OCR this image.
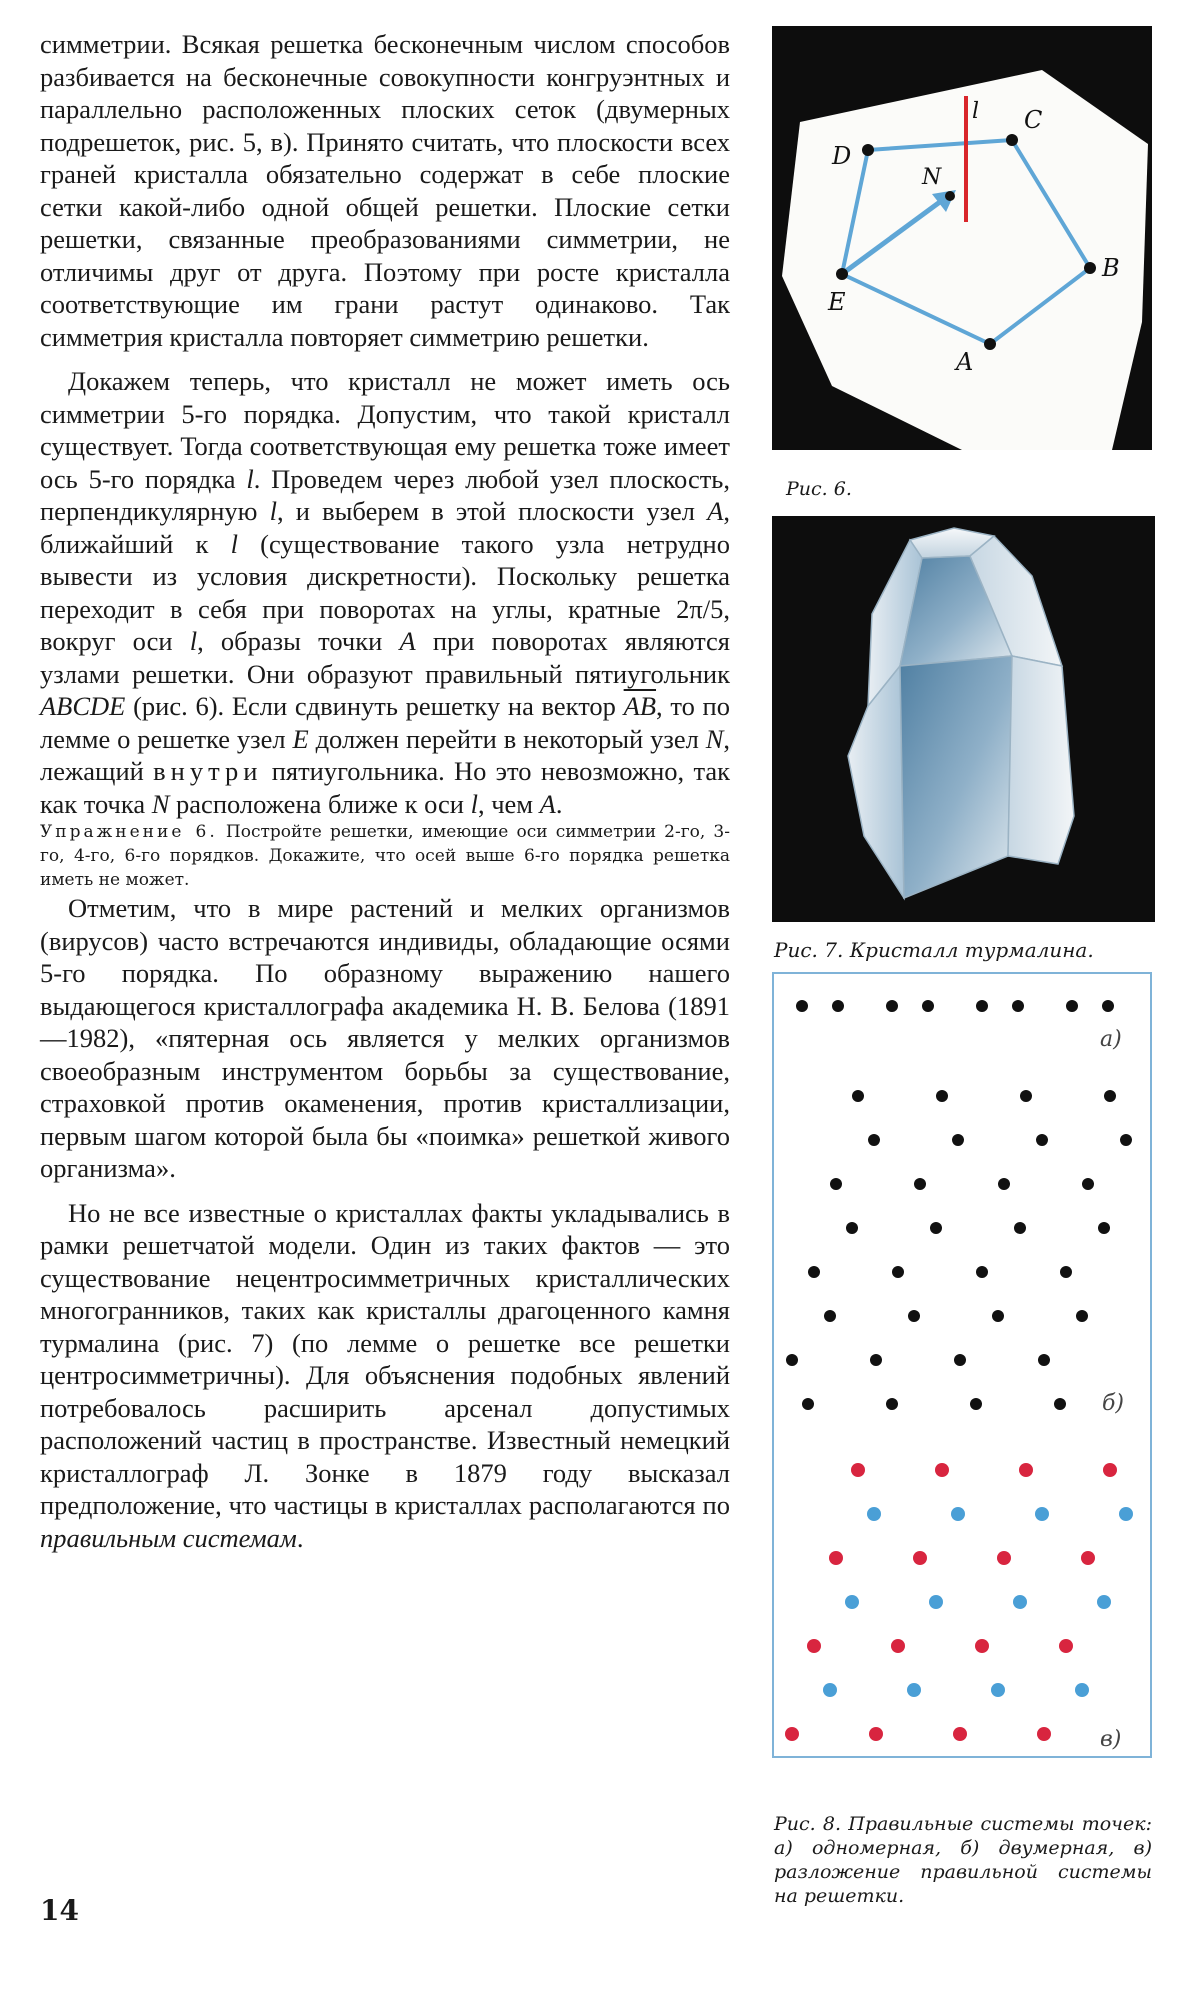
симметрии. Всякая решетка бесконечным числом способов разбивается на бесконечные совокупности конгруэнтных и параллельно расположенных плоских сеток (двумерных подрешеток, рис. 5, в). Принято считать, что плоскости всех граней кристалла обязательно содержат в себе плоские сетки какой-либо одной общей решетки. Плоские сетки решетки, связанные преобразованиями симметрии, не отличимы друг от друга. Поэтому при росте кристалла соответствующие им грани растут одинаково. Так симметрия кристалла повторяет симметрию решетки.

Докажем теперь, что кристалл не может иметь ось симметрии 5-го порядка. Допустим, что такой кристалл существует. Тогда соответствующая ему решетка тоже имеет ось 5-го порядка l. Проведем через любой узел плоскость, перпендикулярную l, и выберем в этой плоскости узел A, ближайший к l (существование такого узла нетрудно вывести из условия дискретности). Поскольку решетка переходит в себя при поворотах на углы, кратные 2π/5, вокруг оси l, образы точки A при поворотах являются узлами решетки. Они образуют правильный пятиугольник ABCDE (рис. 6). Если сдвинуть решетку на вектор $\overline{AB}$, то по лемме о решетке узел E должен перейти в некоторый узел N, лежащий внутри пятиугольника. Но это невозможно, так как точка N расположена ближе к оси l, чем A.

Упражнение 6. Постройте решетки, имеющие оси симметрии 2-го, 3-го, 4-го, 6-го порядков. Докажите, что осей выше 6-го порядка решетка иметь не может.

Отметим, что в мире растений и мелких организмов (вирусов) часто встречаются индивиды, обладающие осями 5-го порядка. По образному выражению нашего выдающегося кристаллографа академика Н. В. Белова (1891—1982), «пятерная ось является у мелких организмов своеобразным инструментом борьбы за существование, страховкой против окаменения, против кристаллизации, первым шагом которой была бы «поимка» решеткой живого организма».

Но не все известные о кристаллах факты укладывались в рамки решетчатой модели. Один из таких фактов — это существование нецентросимметричных кристаллических многогранников, таких как кристаллы драгоценного камня турмалина (рис. 7) (по лемме о решетке все решетки центросимметричны). Для объяснения подобных явлений потребовалось расширить арсенал допустимых расположений частиц в пространстве. Известный немецкий кристаллограф Л. Зонке в 1879 году высказал предположение, что частицы в кристаллах располагаются по правильным системам.

14
l C
D
N
B
E
A
Рис. 6.
Рис. 7. Кристалл турмалина.
а)
б)
в)
Рис. 8. Правильные системы точек: а) одномерная, б) двумерная, в) разложение правильной системы на решетки.
